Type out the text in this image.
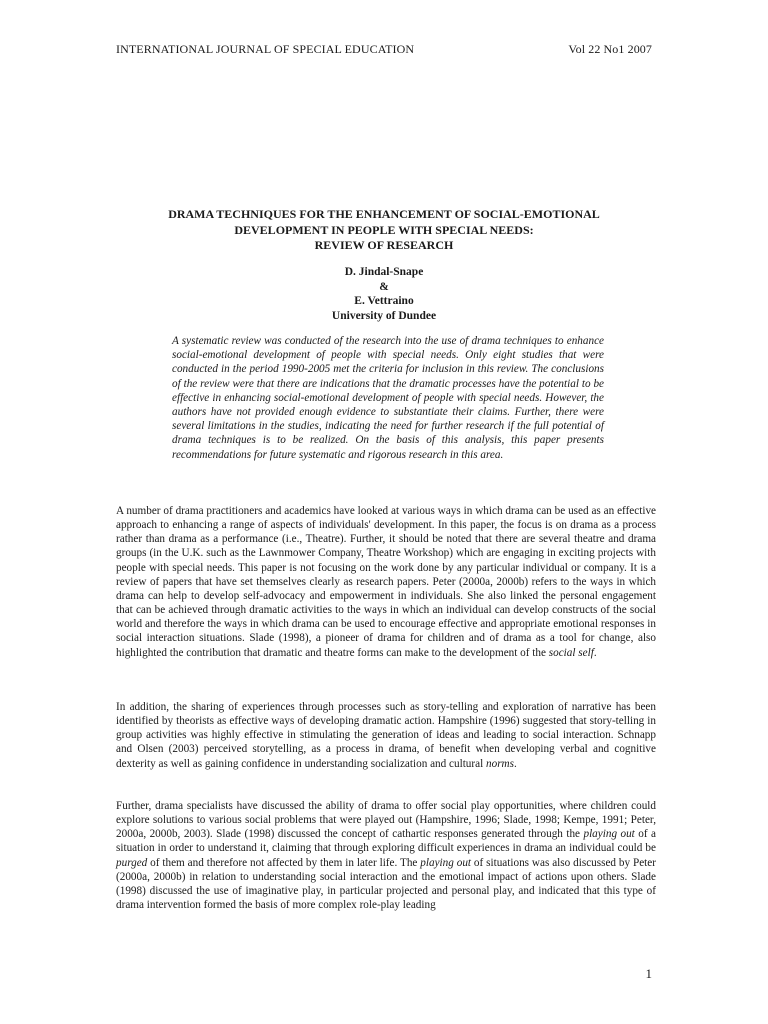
INTERNATIONAL JOURNAL OF SPECIAL EDUCATION	Vol 22 No1 2007
DRAMA TECHNIQUES FOR THE ENHANCEMENT OF SOCIAL-EMOTIONAL
DEVELOPMENT IN PEOPLE WITH SPECIAL NEEDS:
REVIEW OF RESEARCH
D. Jindal-Snape
&
E. Vettraino
University of Dundee

A systematic review was conducted of the research into the use of drama techniques to enhance social-emotional development of people with special needs. Only eight studies that were conducted in the period 1990-2005 met the criteria for inclusion in this review. The conclusions of the review were that there are indications that the dramatic processes have the potential to be effective in enhancing social-emotional development of people with special needs. However, the authors have not provided enough evidence to substantiate their claims. Further, there were several limitations in the studies, indicating the need for further research if the full potential of drama techniques is to be realized. On the basis of this analysis, this paper presents recommendations for future systematic and rigorous research in this area.

A number of drama practitioners and academics have looked at various ways in which drama can be used as an effective approach to enhancing a range of aspects of individuals' development. In this paper, the focus is on drama as a process rather than drama as a performance (i.e., Theatre). Further, it should be noted that there are several theatre and drama groups (in the U.K. such as the Lawnmower Company, Theatre Workshop) which are engaging in exciting projects with people with special needs. This paper is not focusing on the work done by any particular individual or company. It is a review of papers that have set themselves clearly as research papers. Peter (2000a, 2000b) refers to the ways in which drama can help to develop self-advocacy and empowerment in individuals. She also linked the personal engagement that can be achieved through dramatic activities to the ways in which an individual can develop constructs of the social world and therefore the ways in which drama can be used to encourage effective and appropriate emotional responses in social interaction situations. Slade (1998), a pioneer of drama for children and of drama as a tool for change, also highlighted the contribution that dramatic and theatre forms can make to the development of the social self.

In addition, the sharing of experiences through processes such as story-telling and exploration of narrative has been identified by theorists as effective ways of developing dramatic action. Hampshire (1996) suggested that story-telling in group activities was highly effective in stimulating the generation of ideas and leading to social interaction. Schnapp and Olsen (2003) perceived storytelling, as a process in drama, of benefit when developing verbal and cognitive dexterity as well as gaining confidence in understanding socialization and cultural norms.

Further, drama specialists have discussed the ability of drama to offer social play opportunities, where children could explore solutions to various social problems that were played out (Hampshire, 1996; Slade, 1998; Kempe, 1991; Peter, 2000a, 2000b, 2003). Slade (1998) discussed the concept of cathartic responses generated through the playing out of a situation in order to understand it, claiming that through exploring difficult experiences in drama an individual could be purged of them and therefore not affected by them in later life. The playing out of situations was also discussed by Peter (2000a, 2000b) in relation to understanding social interaction and the emotional impact of actions upon others. Slade (1998) discussed the use of imaginative play, in particular projected and personal play, and indicated that this type of drama intervention formed the basis of more complex role-play leading

1
